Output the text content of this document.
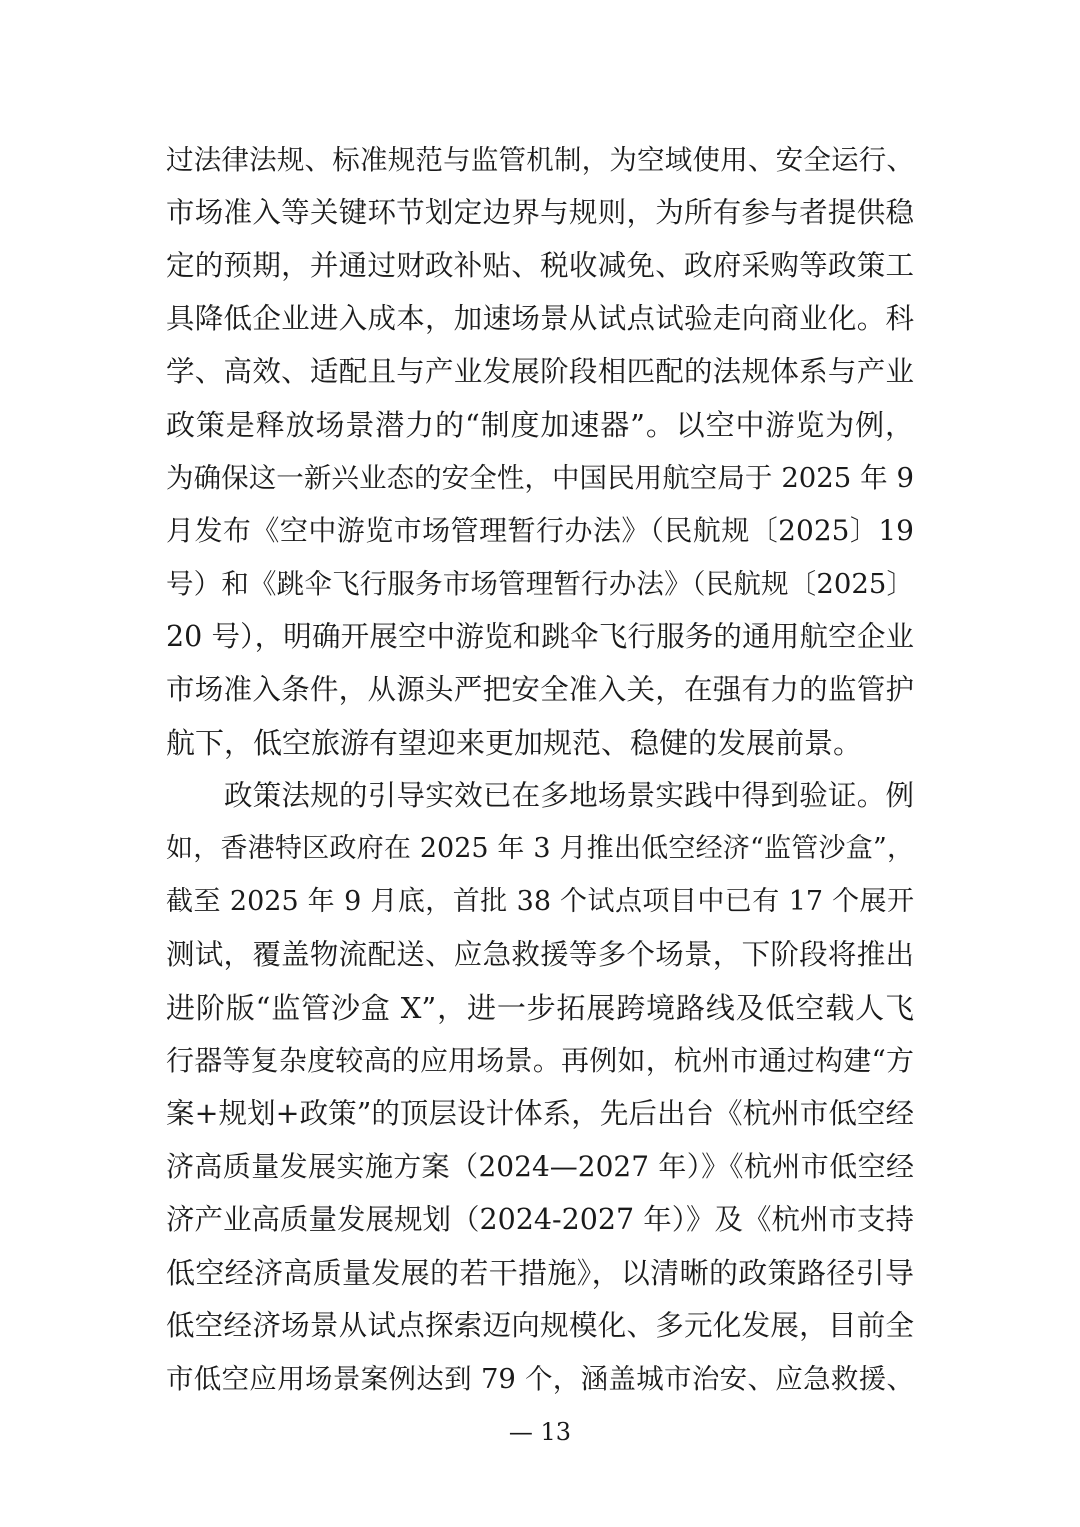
过法律法规、标准规范与监管机制，为空域使用、安全运行、
市场准入等关键环节划定边界与规则，为所有参与者提供稳
定的预期，并通过财政补贴、税收减免、政府采购等政策工
具降低企业进入成本，加速场景从试点试验走向商业化。科
学、高效、适配且与产业发展阶段相匹配的法规体系与产业
政策是释放场景潜力的“制度加速器”。以空中游览为例，
为确保这一新兴业态的安全性，中国民用航空局于 2025 年 9
月发布《空中游览市场管理暂行办法》（民航规〔2025〕19
号）和《跳伞飞行服务市场管理暂行办法》（民航规〔2025〕
20 号），明确开展空中游览和跳伞飞行服务的通用航空企业
市场准入条件，从源头严把安全准入关，在强有力的监管护
航下，低空旅游有望迎来更加规范、稳健的发展前景。
政策法规的引导实效已在多地场景实践中得到验证。例
如，香港特区政府在 2025 年 3 月推出低空经济“监管沙盒”，
截至 2025 年 9 月底，首批 38 个试点项目中已有 17 个展开
测试，覆盖物流配送、应急救援等多个场景，下阶段将推出
进阶版“监管沙盒 X”，进一步拓展跨境路线及低空载人飞
行器等复杂度较高的应用场景。再例如，杭州市通过构建“方
案+规划+政策”的顶层设计体系，先后出台《杭州市低空经
济高质量发展实施方案（2024—2027 年）》《杭州市低空经
济产业高质量发展规划（2024-2027 年）》及《杭州市支持
低空经济高质量发展的若干措施》，以清晰的政策路径引导
低空经济场景从试点探索迈向规模化、多元化发展，目前全
市低空应用场景案例达到 79 个，涵盖城市治安、应急救援、
— 13
